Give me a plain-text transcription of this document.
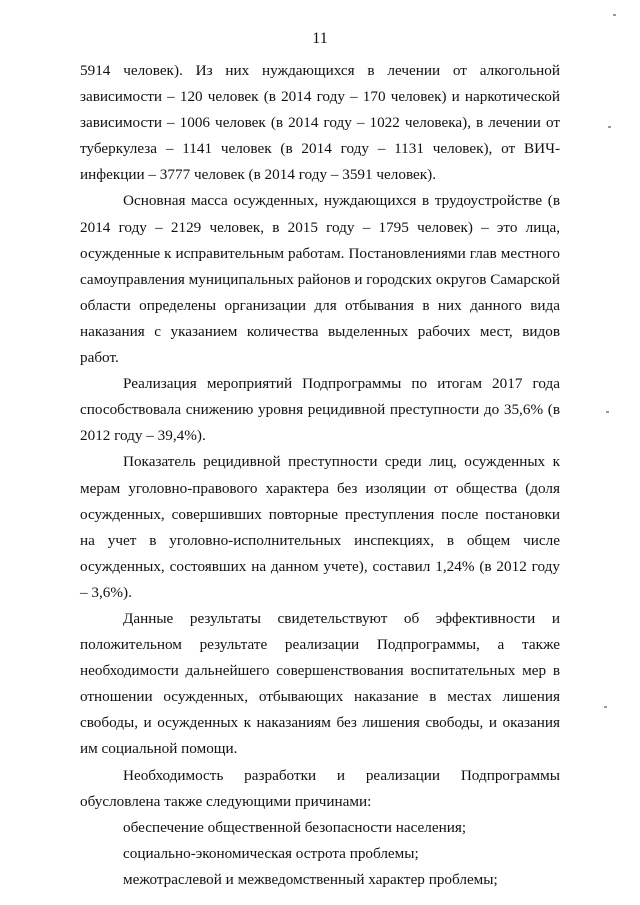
11

5914 человек). Из них нуждающихся в лечении от алкогольной зависимости – 120 человек (в 2014 году – 170 человек) и наркотической зависимости – 1006 человек (в 2014 году – 1022 человека), в лечении от туберкулеза – 1141 человек (в 2014 году – 1131 человек), от ВИЧ-инфекции – 3777 человек (в 2014 году – 3591 человек).

Основная масса осужденных, нуждающихся в трудоустройстве (в 2014 году – 2129 человек, в 2015 году – 1795 человек) – это лица, осужденные к исправительным работам. Постановлениями глав местного самоуправления муниципальных районов и городских округов Самарской области определены организации для отбывания в них данного вида наказания с указанием количества выделенных рабочих мест, видов работ.

Реализация мероприятий Подпрограммы по итогам 2017 года способствовала снижению уровня рецидивной преступности до 35,6% (в 2012 году – 39,4%).

Показатель рецидивной преступности среди лиц, осужденных к мерам уголовно-правового характера без изоляции от общества (доля осужденных, совершивших повторные преступления после постановки на учет в уголовно-исполнительных инспекциях, в общем числе осужденных, состоявших на данном учете), составил 1,24% (в 2012 году – 3,6%).

Данные результаты свидетельствуют об эффективности и положительном результате реализации Подпрограммы, а также необходимости дальнейшего совершенствования воспитательных мер в отношении осужденных, отбывающих наказание в местах лишения свободы, и осужденных к наказаниям без лишения свободы, и оказания им социальной помощи.

Необходимость разработки и реализации Подпрограммы обусловлена также следующими причинами:

обеспечение общественной безопасности населения;

социально-экономическая острота проблемы;

межотраслевой и межведомственный характер проблемы;
